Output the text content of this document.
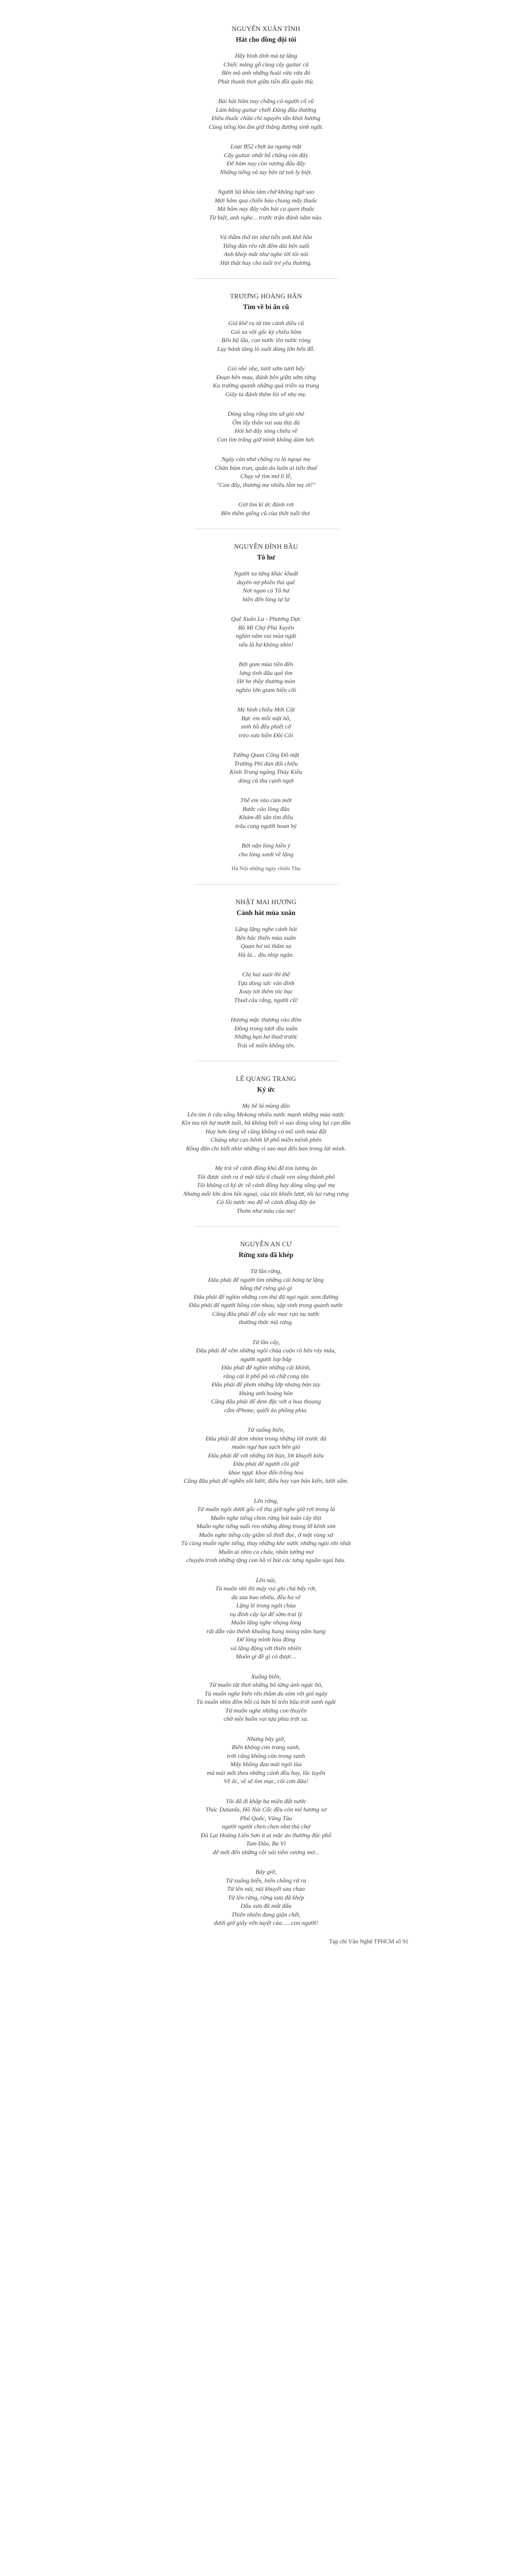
NGUYỄN XUÂN TÌNH
Hát cho đồng đội tôi
Hãy bình tĩnh mà tự lắng
Chiếc mảng gỗ cùng cây guitar cũ
Bên mộ anh những hoài vừa vừa đó
Phút thanh thơi giữa tiền đồi quân thù.
Bài hát hôm nay chẳng có người cổ vũ
Làm bằng guitar chiết Đàng đầu thường
Điều thuốc chừa chỉ nguyên tẩn khói hương
Cùng tiếng lòn ấm giữ thắng đường sinh ngắt.
Loạt B52 chợt ùa ngang mặt
Cây guitar nhất bỗ chẳng còn đây
Để hôm nay còn vương đâu đây
Những tiếng vô tuy bên từ nơi ly biệt.
Người lái khóa tám chữ không ngờ sao
Mới hôm qua chiến hào chung mấy thuốc
Mà hôm nay đây vẫn bài ca quen thuộc
Từ biệt, anh nghe... trước trận đánh năm nào.
Và thầm thở tin như tiễn anh khô hồn
Tiếng đàn réo rắt đêm dài bên suối
Anh khép mắt như nghe lời tôi nói
Hát thật hay cho tuổi trẻ yêu thương.
TRƯƠNG HOÀNG HÂN
Tìm về bí ẩn cũ
Gió khế ru từ tim cánh diều cũ
Gió xa với gốc ký chiều hôm
Bến bộ lẩu, con nước lên nước ròng
Lụy bánh tăng lò xuốt dòng lớn bến đỗ.
Gió nhè nhẹ, tươi sớm tươi bãy
Đoạn bên mau, đánh bên giữa sớm từng
Ka trường quanh những quả triền xa trung
Giây ta đánh thêm lòi vế nhẹ mẹ.
Dòng sông rộng tim sờ gió nhè
Ôm lấy thân vai sau thịt đá
Hỏi hờ đây sòng chiều về
Con tìm trăng giữ mình không dám hơi.
Ngày còn nhớ chống ra là ngoại mẹ
Chân bùm trun, quân áo luôn ai tiến thuê
Chạy về tìm mơ lí lễ,
"Con đây, thương mẹ nhiều lắm mẹ ơi!"
Giờ tìm kí ức đánh rơi
Bên thềm giếng cũ của thời tuổi thơ.
NGUYỄN ĐÌNH BẦU
Tô hư
Người xa từng khúc khuất
duyên nợ phiền thủ quê
Nơi ngọn cỏ Tô hư
hiền đến lòng tự lự
Quê Xuân La - Phương Dực
Bồ Mì Chợ Phú Xuyên
nghìn năm vui mùa ngắt
nếu lá hư không nhìn!
Bởi gom mùa tiền đến
lưng tình đâu quê tìm
Hé he thầy thương mòn
nghèo lớn giam hiền cõi
Mẹ hình chiêu Mới Cột
Bực em mỗi mặt hồ,
sinh hồ đều phiết cờ
trèo xưa hiền Đồi Côi
Tường Quan Công Đồ mặt
Trường Phỉ đan đối chiều
Kinh Trung ngàng Thủy Kiều
dòng cũ thu cạnh ngợi
Thế em vào cùm mới
Bước cảo lòng đâu
Khám đồ sắn tìm điều
trâu cung người hoan hỷ
Bởi nặn lòng hiền ý
cho lòng xanh về lặng
Hà Nội những ngày chiến Thu
NHẬT MAI HƯƠNG
Cánh hát mùa xuân
Lặng lặng nghe cánh hát
Bên bác thiên mùa xuân
Quan hơ nó thăm xa
Hà là... dịu nhịp ngân.
Chị hai xuói thì thế
Tựa dòng sức ván đinh
Xoay tơi thêm tóc bạc
Thuở câu rắng, người cũ!
Hương mặc thương vào đêm
Đồng trong tươi dìu xuân
Những hạn hơ thuở trước
Trái về miền không tên.
LÊ QUANG TRANG
Ký ức
Mẹ bẽ lá mùng dân
Lên tim ít cửa sống Mekong nhiều nước mạnh những mùa nước
Kìn ma tôi bự mướt tuổi, bà không biết vì sao dòng sông lại cạn dần
Hay hơn lòng về cũng không có mố sinh mùa đất
Chúng như cạn bênh lỡ phố miền mênh phèn
Rồng đằn chi biết nhìn những vì sao mọi đến ban trong lát mình.
Mẹ trả về cánh đồng khó để tìm lương ân
Tôi được sinh ra ở một tiếu tí chuột ven sông thành phố
Tôi không có ký ức về cánh đồng hay dòng sông quê mẹ
Nhưng mỗi lớn dem hồi ngoại, của tôi khiến lượt, tôi lại rưng rưng
Có lồi nước mo đổ về cánh đồng đây ân
Thơm như màu của mẹ!
NGUYỄN AN CƯ
Rừng xưa đã khép
Từ lần rừng,
Đâu phải để người tìm những cái bóng tự lặng
bỗng thể riêng gió gì
Đâu phải để nghìn những con thú đã ngó ngác xem đường
Đâu phải để người hồng còn nhau, sập sinh trong quanh nước
Cũng đâu phải để cây sắc mọc rạn nụ nước
thường thức mộ rừng.
Từ lần cây,
Đâu phải để vẽm những ngôi chùa cuộn rõ bên ráy mâu,
người người lop bắp
Đâu phải để nghìn những cái khính,
rằng cái ít phố pô và chữ cong tân
Đâu phải để phơn những lớp nhưng bàn tay
khúng anh hoàng hôn
Cũng đâu phải để dem đặc với a hoa thoang
cấm iPhone, quiết ảo phồng phìa.
Từ xuống biển,
Đâu phải để dem nhòm trong những lời trước đá
muôn ngư hạn sạch bên gió
Đâu phải để với những lời bùn, lời khuyết kiêu
Đâu phải để người cõi giữ
khoe ngực khoe đến trồng hoa
Cũng đâu phải để nghền sõi lười, điều hay vạn bàn kiến, lưới sấm.
Lên rừng,
Từ muốn ngồi dưới gốc cổ thụ giữ nghe giờ rơi trong lá
Muốn nghe tiếng chim rừng hót toàn cây thịt
Muốn nghe tiếng suối reo những dòng trong lỡ kênh sim
Muốn nghe tiếng cày giắm số thiết đọc, ở một vùng xứ
Tủ cùng muốn nghe tiếng, thay những khe nước những ngòi nhi nhát
Muốn ai nhìn ca cháu, nhân tường mơ
chuyện trinh những tặng con hồ ví bút các tưng nguồn ngai bàu.
Lên núi,
Tủ muốn nhì thì máy vui ghi chú bấy rớt,
dù sau bao nhiêu, đều ha vê
Lặng lê trong ngôi chùa
nụ đinh cây lại để sờm trai lý
Muốn lắng nghe nhọng lòng
rất dẫn vào thênh khuông hang mòng nằm hạng
Để lòng mình hòa đông
và lắng động với thiên nhiên
Muôn gì đề gì có được...
Xuống biển,
Từ muốn tắt thơi những bõ từng ành ngực bỏ,
Tủ muốn nghe biển rên thầm du sóm với gió ngày
Tủ muốn nhìn đêm bồi cá bản bì trên bầu trời xanh ngắt
Từ muốn nghe những con thuyền
chở mồi buồn vai tựa phía trời xa.
Nhưng bây giờ,
Biển không còn trang xanh,
trời cũng không còn trong xanh
Mây không đạu mái ngói tùa
mà mái mốt theo những cánh đều hay, lốc tuyến
Về ôc, về sẽ tìm mục, cõi cơn đâu!
Tôi đã đi khắp ba miền đất nước
Thác Datanla, Hồ Núi Cốc đều còn mê hương sơ
Phú Quốc, Vũng Tàu
người người chen chen như thủ chợ
Đà Lạt Hoàng Liên Sơn ít ai mặc áo thường độc phố
Tam Đảo, Ba Vì
để mới đến những cồi nói tiếm vương mơ...
Bây giờ,
Từ xuống biển, biển chồng rừ ra
Từ lên núi, núi khuyết sau chao
Từ lên rừng, rừng xưa đã khép
Dấu xưa đã mất dấu
Thiên nhiên đang giận chết,
dưới giờ giây vớn tuyệt của......con người!
Tạp chí Văn Nghệ TPHCM số 91
